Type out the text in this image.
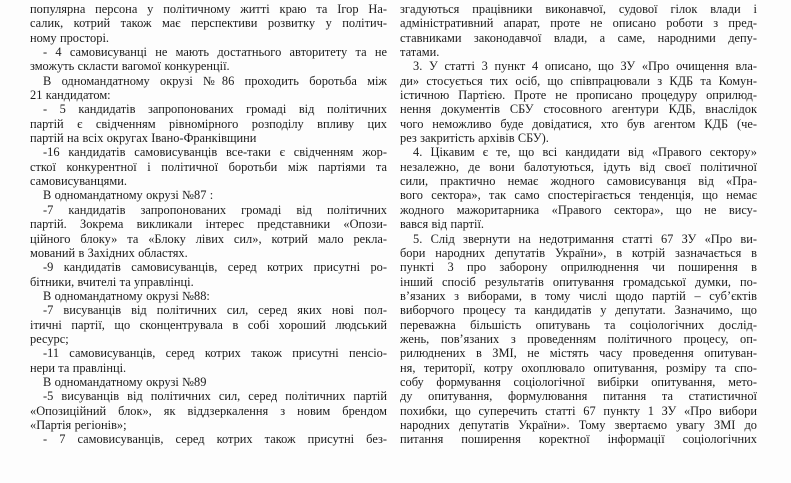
популярна персона у політичному житті краю та Ігор На-
салик, котрий також має перспективи розвитку у політич-
ному просторі.
- 4 самовисуванці не мають достатнього авторитету та не
зможуть скласти вагомої конкуренції.
В одномандатному окрузі №86 проходить боротьба між
21 кандидатом:
- 5 кандидатів запропонованих громаді від політичних
партій є свідченням рівномірного розподілу впливу цих
партій на всіх округах Івано-Франківщини
-16 кандидатів самовисуванців все-таки є свідченням жор-
сткої конкурентної і політичної боротьби між партіями та
самовисуванцями.
В одномандатному окрузі №87 :
-7 кандидатів запропонованих громаді від політичних
партій. Зокрема викликали інтерес представники «Опози-
ційного блоку» та «Блоку лівих сил», котрий мало рекла-
мований в Західних областях.
-9 кандидатів самовисуванців, серед котрих присутні ро-
бітники, вчителі та управлінці.
В одномандатному окрузі №88:
-7 висуванців від політичних сил, серед яких нові пол-
ітичні партії, що сконцентрувала в собі хороший людський
ресурс;
-11 самовисуванців, серед котрих також присутні пенсіо-
нери та правлінці.
В одномандатному окрузі №89
-5 висуванців від політичних сил, серед політичних партій
«Опозиційний блок», як віддзеркалення з новим брендом
«Партія регіонів»;
- 7 самовисуванців, серед котрих також присутні без-
згадуються працівники виконавчої, судової гілок влади і
адміністративний апарат, проте не описано роботи з пред-
ставниками законодавчої влади, а саме, народними депу-
татами.
3. У статті 3 пункт 4 описано, що ЗУ «Про очищення вла-
ди» стосується тих осіб, що співпрацювали з КДБ та Комун-
істичною Партією. Проте не прописано процедуру оприлюд-
нення документів СБУ стосовного агентури КДБ, внаслідок
чого неможливо буде довідатися, хто був агентом КДБ (че-
рез закритість архівів СБУ).
4. Цікавим є те, що всі кандидати від «Правого сектору»
незалежно, де вони балотуються, ідуть від своєї політичної
сили, практично немає жодного самовисуванця від «Пра-
вого сектора», так само спостерігається тенденція, що немає
жодного мажоритарника «Правого сектора», що не вису-
вався від партії.
5. Слід звернути на недотримання статті 67 ЗУ «Про ви-
бори народних депутатів України», в котрій зазначається в
пункті 3 про заборону оприлюднення чи поширення в
інший спосіб результатів опитування громадської думки, по-
в’язаних з виборами, в тому числі щодо партій – суб’єктів
виборчого процесу та кандидатів у депутати. Зазначимо, що
переважна більшість опитувань та соціологічних дослід-
жень, пов’язаних з проведенням політичного процесу, оп-
рилюднених в ЗМІ, не містять часу проведення опитуван-
ня, території, котру охоплювало опитування, розміру та спо-
собу формування соціологічної вибірки опитування, мето-
ду опитування, формулювання питання та статистичної
похибки, що суперечить статті 67 пункту 1 ЗУ «Про вибори
народних депутатів України». Тому звертаємо увагу ЗМІ до
питання поширення коректної інформації соціологічних
